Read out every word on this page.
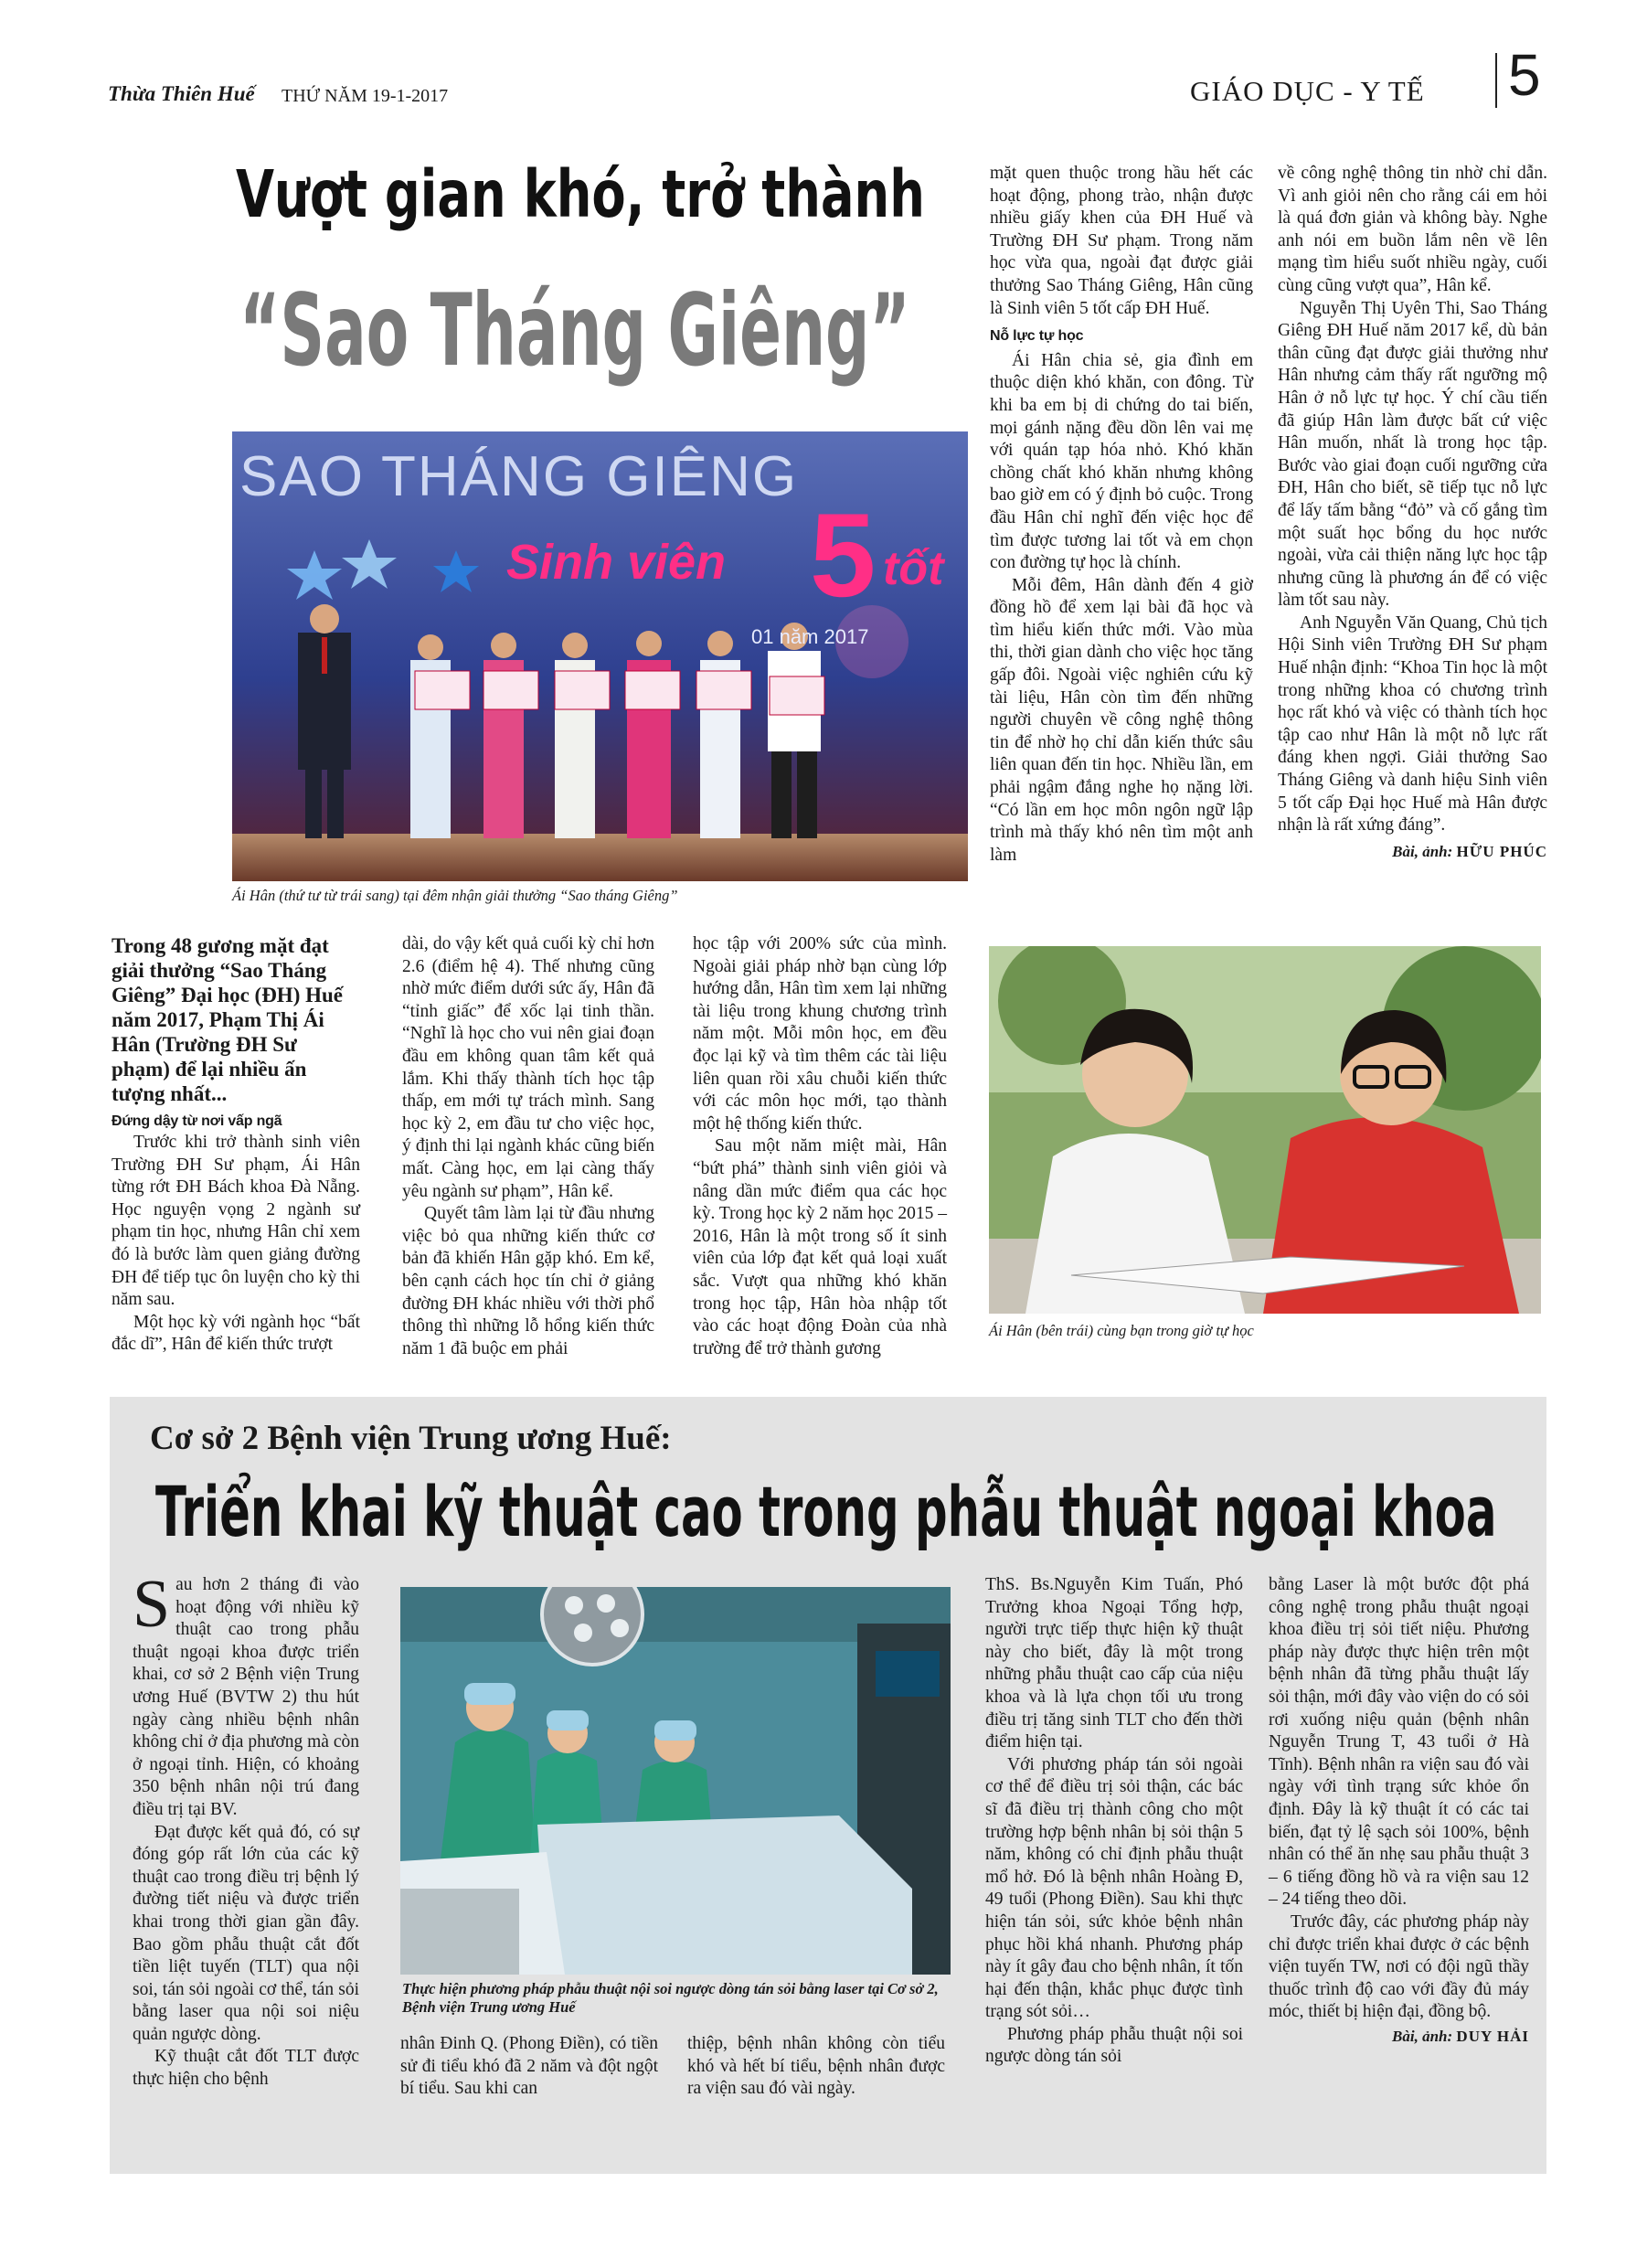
Thừa Thiên Huế THỨ NĂM 19-1-2017	GIÁO DỤC - Y TẾ 5
Vượt gian khó, trở thành
“Sao Tháng Giêng”
SAO THÁNG GIÊNG
Sinh viên 5 tốt
01 năm 2017
Ái Hân (thứ tư từ trái sang) tại đêm nhận giải thưởng “Sao tháng Giêng”

mặt quen thuộc trong hầu hết các hoạt động, phong trào, nhận được nhiều giấy khen của ĐH Huế và Trường ĐH Sư phạm. Trong năm học vừa qua, ngoài đạt được giải thưởng Sao Tháng Giêng, Hân cũng là Sinh viên 5 tốt cấp ĐH Huế.

Nỗ lực tự học

Ái Hân chia sẻ, gia đình em thuộc diện khó khăn, con đông. Từ khi ba em bị di chứng do tai biến, mọi gánh nặng đều dồn lên vai mẹ với quán tạp hóa nhỏ. Khó khăn chồng chất khó khăn nhưng không bao giờ em có ý định bỏ cuộc. Trong đầu Hân chỉ nghĩ đến việc học để tìm được tương lai tốt và em chọn con đường tự học là chính.

Mỗi đêm, Hân dành đến 4 giờ đồng hồ để xem lại bài đã học và tìm hiểu kiến thức mới. Vào mùa thi, thời gian dành cho việc học tăng gấp đôi. Ngoài việc nghiên cứu kỹ tài liệu, Hân còn tìm đến những người chuyên về công nghệ thông tin để nhờ họ chỉ dẫn kiến thức sâu liên quan đến tin học. Nhiều lần, em phải ngậm đắng nghe họ nặng lời. “Có lần em học môn ngôn ngữ lập trình mà thấy khó nên tìm một anh làm

về công nghệ thông tin nhờ chỉ dẫn. Vì anh giỏi nên cho rằng cái em hỏi là quá đơn giản và không bày. Nghe anh nói em buồn lắm nên về lên mạng tìm hiểu suốt nhiều ngày, cuối cùng cũng vượt qua”, Hân kể.

Nguyễn Thị Uyên Thi, Sao Tháng Giêng ĐH Huế năm 2017 kể, dù bản thân cũng đạt được giải thưởng như Hân nhưng cảm thấy rất ngưỡng mộ Hân ở nỗ lực tự học. Ý chí cầu tiến đã giúp Hân làm được bất cứ việc Hân muốn, nhất là trong học tập. Bước vào giai đoạn cuối ngưỡng cửa ĐH, Hân cho biết, sẽ tiếp tục nỗ lực để lấy tấm bằng “đỏ” và cố gắng tìm một suất học bổng du học nước ngoài, vừa cải thiện năng lực học tập nhưng cũng là phương án để có việc làm tốt sau này.

Anh Nguyễn Văn Quang, Chủ tịch Hội Sinh viên Trường ĐH Sư phạm Huế nhận định: “Khoa Tin học là một trong những khoa có chương trình học rất khó và việc có thành tích học tập cao như Hân là một nỗ lực rất đáng khen ngợi. Giải thưởng Sao Tháng Giêng và danh hiệu Sinh viên 5 tốt cấp Đại học Huế mà Hân được nhận là rất xứng đáng”.

Bài, ảnh: HỮU PHÚC
Trong 48 gương mặt đạt giải thưởng “Sao Tháng Giêng” Đại học (ĐH) Huế năm 2017, Phạm Thị Ái Hân (Trường ĐH Sư phạm) để lại nhiều ấn tượng nhất...
Đứng dậy từ nơi vấp ngã

Trước khi trở thành sinh viên Trường ĐH Sư phạm, Ái Hân từng rớt ĐH Bách khoa Đà Nẵng. Học nguyện vọng 2 ngành sư phạm tin học, nhưng Hân chỉ xem đó là bước làm quen giảng đường ĐH để tiếp tục ôn luyện cho kỳ thi năm sau.

Một học kỳ với ngành học “bất đắc dĩ”, Hân để kiến thức trượt

dài, do vậy kết quả cuối kỳ chỉ hơn 2.6 (điểm hệ 4). Thế nhưng cũng nhờ mức điểm dưới sức ấy, Hân đã “tỉnh giấc” để xốc lại tinh thần. “Nghĩ là học cho vui nên giai đoạn đầu em không quan tâm kết quả lắm. Khi thấy thành tích học tập thấp, em mới tự trách mình. Sang học kỳ 2, em đầu tư cho việc học, ý định thi lại ngành khác cũng biến mất. Càng học, em lại càng thấy yêu ngành sư phạm”, Hân kể.

Quyết tâm làm lại từ đầu nhưng việc bỏ qua những kiến thức cơ bản đã khiến Hân gặp khó. Em kể, bên cạnh cách học tín chỉ ở giảng đường ĐH khác nhiều với thời phổ thông thì những lỗ hổng kiến thức năm 1 đã buộc em phải

học tập với 200% sức của mình. Ngoài giải pháp nhờ bạn cùng lớp hướng dẫn, Hân tìm xem lại những tài liệu trong khung chương trình năm một. Mỗi môn học, em đều đọc lại kỹ và tìm thêm các tài liệu liên quan rồi xâu chuỗi kiến thức với các môn học mới, tạo thành một hệ thống kiến thức.

Sau một năm miệt mài, Hân “bứt phá” thành sinh viên giỏi và nâng dần mức điểm qua các học kỳ. Trong học kỳ 2 năm học 2015 – 2016, Hân là một trong số ít sinh viên của lớp đạt kết quả loại xuất sắc. Vượt qua những khó khăn trong học tập, Hân hòa nhập tốt vào các hoạt động Đoàn của nhà trường để trở thành gương

Ái Hân (bên trái) cùng bạn trong giờ tự học
Cơ sở 2 Bệnh viện Trung ương Huế:
Triển khai kỹ thuật cao trong phẫu thuật ngoại khoa

Sau hơn 2 tháng đi vào hoạt động với nhiều kỹ thuật cao trong phẫu thuật ngoại khoa được triển khai, cơ sở 2 Bệnh viện Trung ương Huế (BVTW 2) thu hút ngày càng nhiều bệnh nhân không chỉ ở địa phương mà còn ở ngoại tỉnh. Hiện, có khoảng 350 bệnh nhân nội trú đang điều trị tại BV.

Đạt được kết quả đó, có sự đóng góp rất lớn của các kỹ thuật cao trong điều trị bệnh lý đường tiết niệu và được triển khai trong thời gian gần đây. Bao gồm phẫu thuật cắt đốt tiền liệt tuyến (TLT) qua nội soi, tán sỏi ngoài cơ thể, tán sỏi bằng laser qua nội soi niệu quản ngược dòng.

Kỹ thuật cắt đốt TLT được thực hiện cho bệnh

Thực hiện phương pháp phẫu thuật nội soi ngược dòng tán sỏi bằng laser tại Cơ sở 2, Bệnh viện Trung ương Huế

nhân Đinh Q. (Phong Điền), có tiền sử đi tiểu khó đã 2 năm và đột ngột bí tiểu. Sau khi can

thiệp, bệnh nhân không còn tiểu khó và hết bí tiểu, bệnh nhân được ra viện sau đó vài ngày.

ThS. Bs.Nguyễn Kim Tuấn, Phó Trưởng khoa Ngoại Tổng hợp, người trực tiếp thực hiện kỹ thuật này cho biết, đây là một trong những phẫu thuật cao cấp của niệu khoa và là lựa chọn tối ưu trong điều trị tăng sinh TLT cho đến thời điểm hiện tại.

Với phương pháp tán sỏi ngoài cơ thể để điều trị sỏi thận, các bác sĩ đã điều trị thành công cho một trường hợp bệnh nhân bị sỏi thận 5 năm, không có chỉ định phẫu thuật mổ hở. Đó là bệnh nhân Hoàng Đ, 49 tuổi (Phong Điền). Sau khi thực hiện tán sỏi, sức khỏe bệnh nhân phục hồi khá nhanh. Phương pháp này ít gây đau cho bệnh nhân, ít tốn hại đến thận, khắc phục được tình trạng sót sỏi…

Phương pháp phẫu thuật nội soi ngược dòng tán sỏi

bằng Laser là một bước đột phá công nghệ trong phẫu thuật ngoại khoa điều trị sỏi tiết niệu. Phương pháp này được thực hiện trên một bệnh nhân đã từng phẫu thuật lấy sỏi thận, mới đây vào viện do có sỏi rơi xuống niệu quản (bệnh nhân Nguyễn Trung T, 43 tuổi ở Hà Tĩnh). Bệnh nhân ra viện sau đó vài ngày với tình trạng sức khỏe ổn định. Đây là kỹ thuật ít có các tai biến, đạt tỷ lệ sạch sỏi 100%, bệnh nhân có thể ăn nhẹ sau phẫu thuật 3 – 6 tiếng đồng hồ và ra viện sau 12 – 24 tiếng theo dõi.

Trước đây, các phương pháp này chỉ được triển khai được ở các bệnh viện tuyến TW, nơi có đội ngũ thầy thuốc trình độ cao với đầy đủ máy móc, thiết bị hiện đại, đồng bộ.

Bài, ảnh: DUY HẢI
